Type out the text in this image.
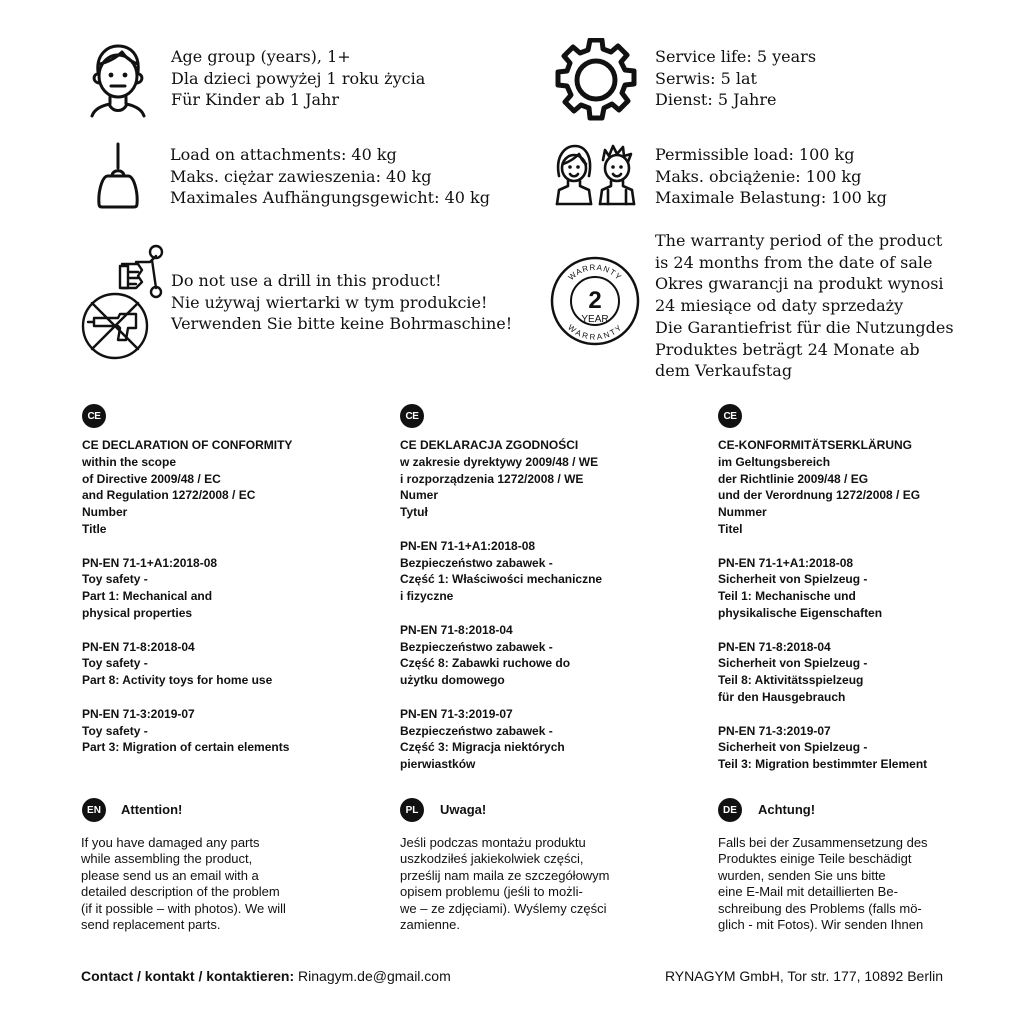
Age group (years), 1+
Dla dzieci powyżej 1 roku życia
Für Kinder ab 1 Jahr
Service life: 5 years
Serwis: 5 lat
Dienst: 5 Jahre
Load on attachments: 40 kg
Maks. ciężar zawieszenia: 40 kg
Maximales Aufhängungsgewicht: 40 kg
Permissible load: 100 kg
Maks. obciążenie: 100 kg
Maximale Belastung: 100 kg
Do not use a drill in this product!
Nie używaj wiertarki w tym produkcie!
Verwenden Sie bitte keine Bohrmaschine!
WARRANTY
WARRANTY
2
YEAR
The warranty period of the product
is 24 months from the date of sale
Okres gwarancji na produkt wynosi
24 miesiące od daty sprzedaży
Die Garantiefrist für die Nutzungdes
Produktes beträgt 24 Monate ab
dem Verkaufstag
CE
CE DECLARATION OF CONFORMITY
within the scope
of Directive 2009/48 / EC
and Regulation 1272/2008 / EC
Number
Title
PN-EN 71-1+A1:2018-08
Toy safety -
Part 1: Mechanical and
physical properties
PN-EN 71-8:2018-04
Toy safety -
Part 8: Activity toys for home use
PN-EN 71-3:2019-07
Toy safety -
Part 3: Migration of certain elements
CE
CE DEKLARACJA ZGODNOŚCI
w zakresie dyrektywy 2009/48 / WE
i rozporządzenia 1272/2008 / WE
Numer
Tytuł
PN-EN 71-1+A1:2018-08
Bezpieczeństwo zabawek -
Część 1: Właściwości mechaniczne
i fizyczne
PN-EN 71-8:2018-04
Bezpieczeństwo zabawek -
Część 8: Zabawki ruchowe do
użytku domowego
PN-EN 71-3:2019-07
Bezpieczeństwo zabawek -
Część 3: Migracja niektórych
pierwiastków
CE
CE-KONFORMITÄTSERKLÄRUNG
im Geltungsbereich
der Richtlinie 2009/48 / EG
und der Verordnung 1272/2008 / EG
Nummer
Titel
PN-EN 71-1+A1:2018-08
Sicherheit von Spielzeug -
Teil 1: Mechanische und
physikalische Eigenschaften
PN-EN 71-8:2018-04
Sicherheit von Spielzeug -
Teil 8: Aktivitätsspielzeug
für den Hausgebrauch
PN-EN 71-3:2019-07
Sicherheit von Spielzeug -
Teil 3: Migration bestimmter Element
EN	Attention!
If you have damaged any parts
while assembling the product,
please send us an email with a
detailed description of the problem
(if it possible – with photos). We will
send replacement parts.
PL	Uwaga!
Jeśli podczas montażu produktu
uszkodziłeś jakiekolwiek części,
prześlij nam maila ze szczegółowym
opisem problemu (jeśli to możli-
we – ze zdjęciami). Wyślemy części
zamienne.
DE	Achtung!
Falls bei der Zusammensetzung des
Produktes einige Teile beschädigt
wurden, senden Sie uns bitte
eine E-Mail mit detaillierten Be-
schreibung des Problems (falls mö-
glich - mit Fotos). Wir senden Ihnen
Contact / kontakt / kontaktieren: Rinagym.de@gmail.com	RYNAGYM GmbH, Tor str. 177, 10892 Berlin
